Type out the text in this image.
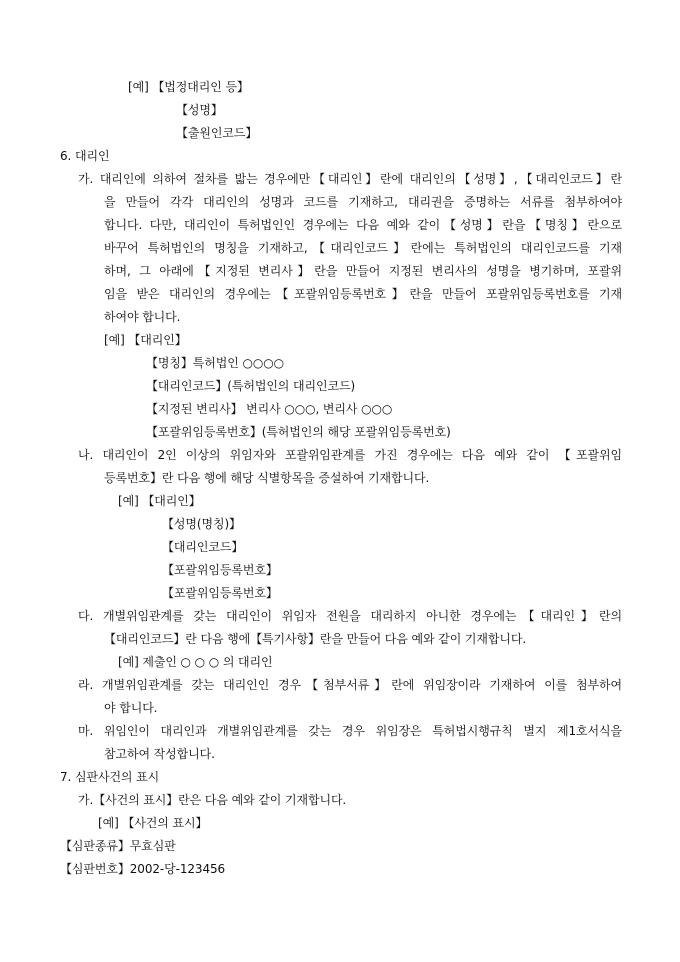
[예] 【법정대리인 등】
【성명】
【출원인코드】
6. 대리인
가. 대리인에 의하여 절차를 밟는 경우에만【대리인】란에 대리인의【성명】,【대리인코드】란
을 만들어 각각 대리인의 성명과 코드를 기재하고, 대리권을 증명하는 서류를 첨부하여야
합니다. 다만, 대리인이 특허법인인 경우에는 다음 예와 같이【성명】란을【명칭】란으로
바꾸어 특허법인의 명칭을 기재하고,【대리인코드】란에는 특허법인의 대리인코드를 기재
하며, 그 아래에【지정된 변리사】란을 만들어 지정된 변리사의 성명을 병기하며, 포괄위
임을 받은 대리인의 경우에는【포괄위임등록번호】란을 만들어 포괄위임등록번호를 기재
하여야 합니다.
[예] 【대리인】
【명칭】특허법인 ○○○○
【대리인코드】(특허법인의 대리인코드)
【지정된 변리사】 변리사 ○○○, 변리사 ○○○
【포괄위임등록번호】(특허법인의 해당 포괄위임등록번호)
나. 대리인이 2인 이상의 위임자와 포괄위임관계를 가진 경우에는 다음 예와 같이 【포괄위임
등록번호】란 다음 행에 해당 식별항목을 증설하여 기재합니다.
[예] 【대리인】
【성명(명칭)】
【대리인코드】
【포괄위임등록번호】
【포괄위임등록번호】
다. 개별위임관계를 갖는 대리인이 위임자 전원을 대리하지 아니한 경우에는【대리인】란의
【대리인코드】란 다음 행에【특기사항】란을 만들어 다음 예와 같이 기재합니다.
[예] 제출인 ○ ○ ○ 의 대리인
라. 개별위임관계를 갖는 대리인인 경우【첨부서류】란에 위임장이라 기재하여 이를 첨부하여
야 합니다.
마. 위임인이 대리인과 개별위임관계를 갖는 경우 위임장은 특허법시행규칙 별지 제1호서식을
참고하여 작성합니다.
7. 심판사건의 표시
가.【사건의 표시】란은 다음 예와 같이 기재합니다.
[예] 【사건의 표시】
【심판종류】무효심판
【심판번호】2002-당-123456
